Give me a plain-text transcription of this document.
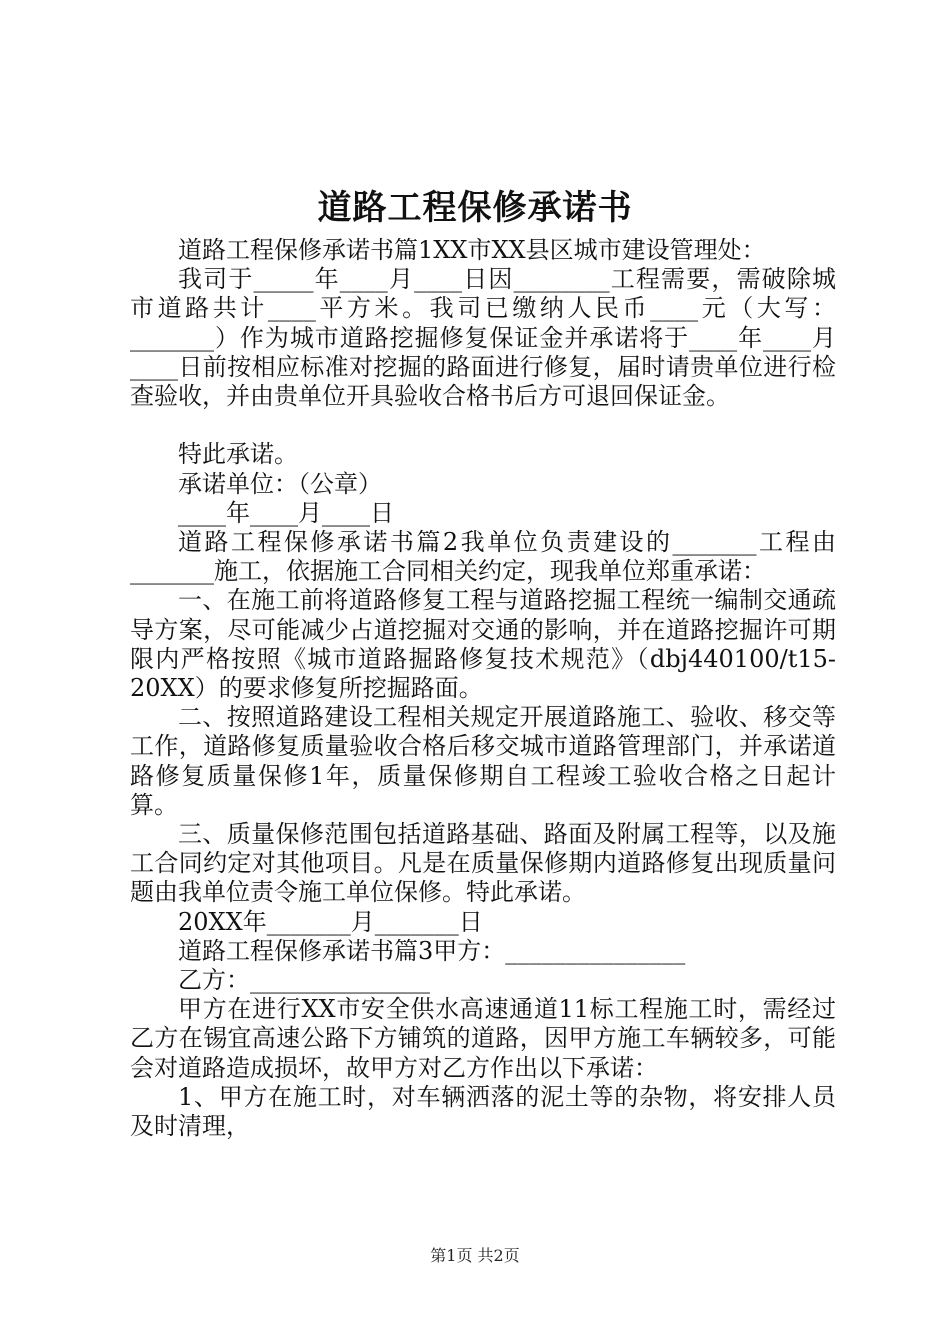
道路工程保修承诺书

道路工程保修承诺书篇1XX市XX县区城市建设管理处：

我司于_____年____月____日因________工程需要，需破除城市道路共计____平方米。我司已缴纳人民币____元（大写：_______）作为城市道路挖掘修复保证金并承诺将于____年____月____日前按相应标准对挖掘的路面进行修复，届时请贵单位进行检查验收，并由贵单位开具验收合格书后方可退回保证金。

特此承诺。

承诺单位：（公章）

____年____月____日

道路工程保修承诺书篇2我单位负责建设的_______工程由_______施工，依据施工合同相关约定，现我单位郑重承诺：

一、在施工前将道路修复工程与道路挖掘工程统一编制交通疏导方案，尽可能减少占道挖掘对交通的影响，并在道路挖掘许可期限内严格按照《城市道路掘路修复技术规范》（dbj440100/t15-20XX）的要求修复所挖掘路面。

二、按照道路建设工程相关规定开展道路施工、验收、移交等工作，道路修复质量验收合格后移交城市道路管理部门，并承诺道路修复质量保修1年，质量保修期自工程竣工验收合格之日起计算。

三、质量保修范围包括道路基础、路面及附属工程等，以及施工合同约定对其他项目。凡是在质量保修期内道路修复出现质量问题由我单位责令施工单位保修。特此承诺。

20XX年_______月_______日

道路工程保修承诺书篇3甲方：_______________

乙方：_______________

甲方在进行XX市安全供水高速通道11标工程施工时，需经过乙方在锡宜高速公路下方铺筑的道路，因甲方施工车辆较多，可能会对道路造成损坏，故甲方对乙方作出以下承诺：

1、甲方在施工时，对车辆洒落的泥土等的杂物，将安排人员及时清理，

第1页 共2页
